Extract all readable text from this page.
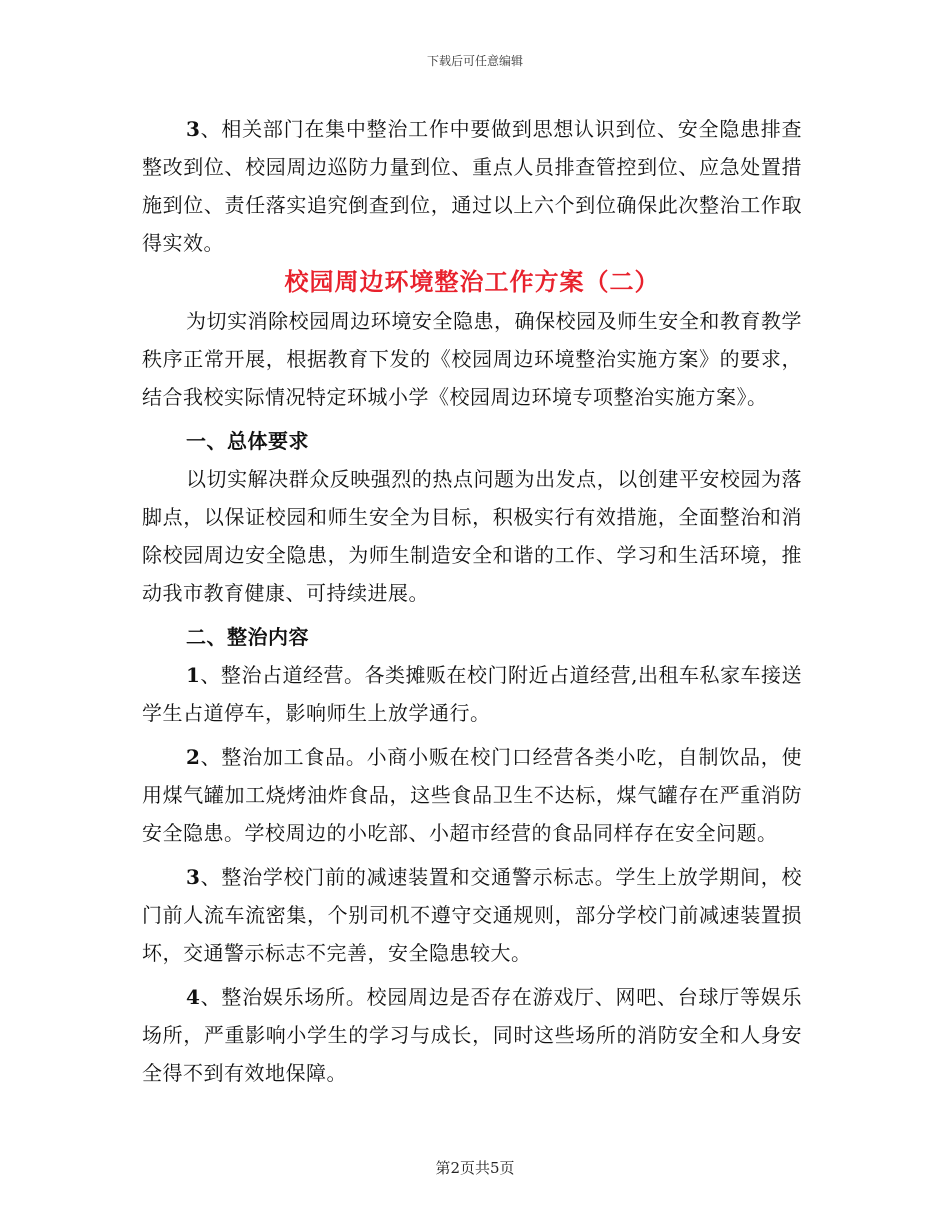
下载后可任意编辑

3、相关部门在集中整治工作中要做到思想认识到位、安全隐患排查整改到位、校园周边巡防力量到位、重点人员排查管控到位、应急处置措施到位、责任落实追究倒查到位，通过以上六个到位确保此次整治工作取得实效。

校园周边环境整治工作方案（二）

为切实消除校园周边环境安全隐患，确保校园及师生安全和教育教学秩序正常开展，根据教育下发的《校园周边环境整治实施方案》的要求，结合我校实际情况特定环城小学《校园周边环境专项整治实施方案》。

一、总体要求

以切实解决群众反映强烈的热点问题为出发点，以创建平安校园为落脚点，以保证校园和师生安全为目标，积极实行有效措施，全面整治和消除校园周边安全隐患，为师生制造安全和谐的工作、学习和生活环境，推动我市教育健康、可持续进展。

二、整治内容

1、整治占道经营。各类摊贩在校门附近占道经营,出租车私家车接送学生占道停车，影响师生上放学通行。

2、整治加工食品。小商小贩在校门口经营各类小吃，自制饮品，使用煤气罐加工烧烤油炸食品，这些食品卫生不达标，煤气罐存在严重消防安全隐患。学校周边的小吃部、小超市经营的食品同样存在安全问题。

3、整治学校门前的减速装置和交通警示标志。学生上放学期间，校门前人流车流密集，个别司机不遵守交通规则，部分学校门前减速装置损坏，交通警示标志不完善，安全隐患较大。

4、整治娱乐场所。校园周边是否存在游戏厅、网吧、台球厅等娱乐场所，严重影响小学生的学习与成长，同时这些场所的消防安全和人身安全得不到有效地保障。

第2页共5页
